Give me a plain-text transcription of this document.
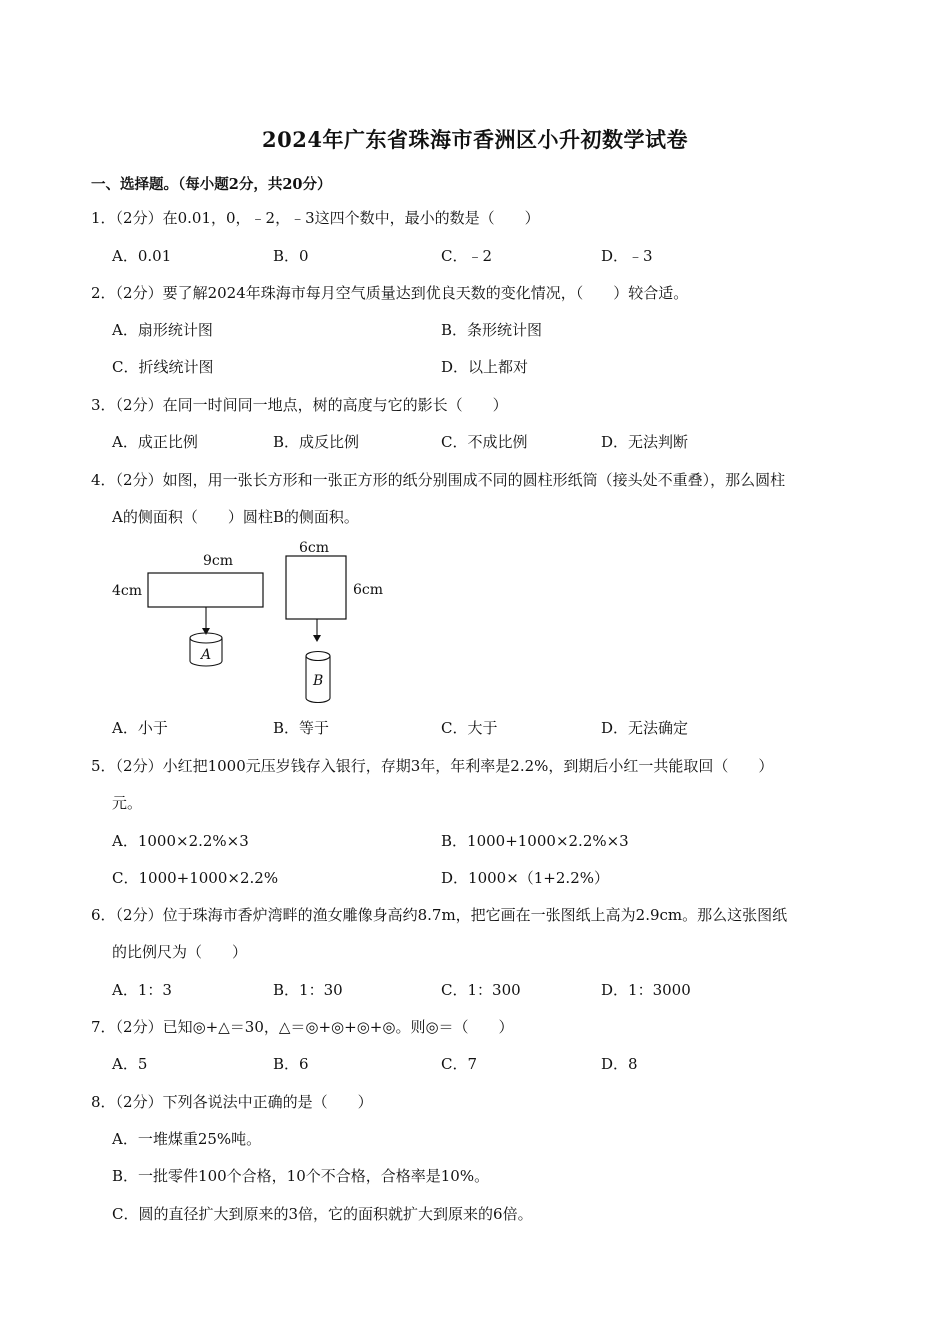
2024年广东省珠海市香洲区小升初数学试卷
一、选择题。（每小题2分，共20分）
1．（2分）在0.01，0，﹣2，﹣3这四个数中，最小的数是（　　）
A．0.01	B．0	C．﹣2	D．﹣3
2．（2分）要了解2024年珠海市每月空气质量达到优良天数的变化情况，（　　）较合适。
A．扇形统计图	B．条形统计图
C．折线统计图	D．以上都对
3．（2分）在同一时间同一地点，树的高度与它的影长（　　）
A．成正比例	B．成反比例	C．不成比例	D．无法判断
4．（2分）如图，用一张长方形和一张正方形的纸分别围成不同的圆柱形纸筒（接头处不重叠），那么圆柱
A的侧面积（　　）圆柱B的侧面积。
9cm
4cm
A
6cm
6cm
B
A．小于	B．等于	C．大于	D．无法确定
5．（2分）小红把1000元压岁钱存入银行，存期3年，年利率是2.2%，到期后小红一共能取回（　　）
元。
A．1000×2.2%×3	B．1000+1000×2.2%×3
C．1000+1000×2.2%	D．1000×（1+2.2%）
6．（2分）位于珠海市香炉湾畔的渔女雕像身高约8.7m，把它画在一张图纸上高为2.9cm。那么这张图纸
的比例尺为（　　）
A．1：3	B．1：30	C．1：300	D．1：3000
7．（2分）已知◎+△＝30，△＝◎+◎+◎+◎。则◎＝（　　）
A．5	B．6	C．7	D．8
8．（2分）下列各说法中正确的是（　　）
A．一堆煤重25%吨。
B．一批零件100个合格，10个不合格，合格率是10%。
C．圆的直径扩大到原来的3倍，它的面积就扩大到原来的6倍。
